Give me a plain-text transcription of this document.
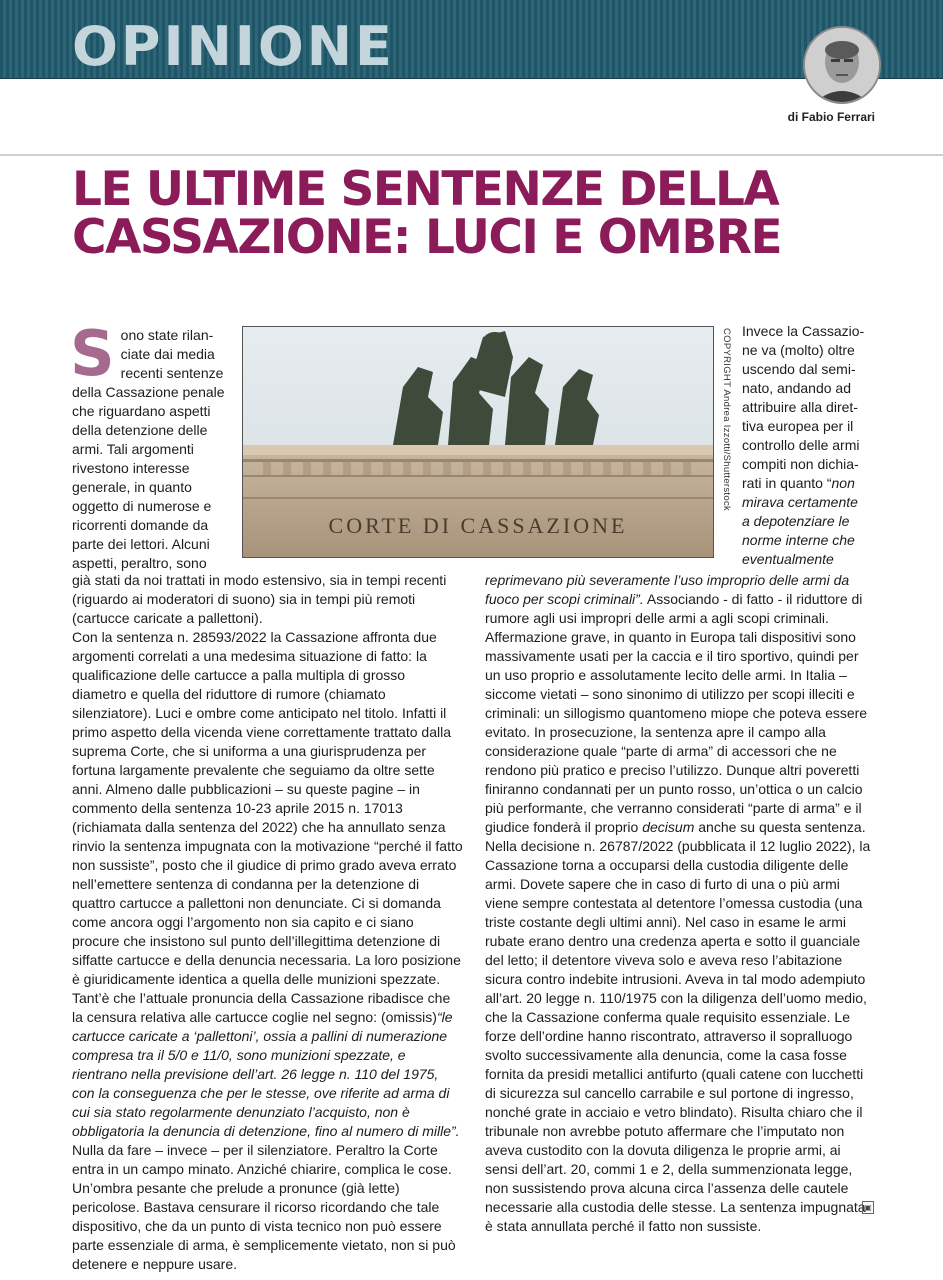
OPINIONE
di Fabio Ferrari
LE ULTIME SENTENZE DELLA
CASSAZIONE: LUCI E OMBRE
S ono state rilan-
ciate dai media
recenti sentenze
della Cassazione penale
che riguardano aspetti
della detenzione delle
armi. Tali argomenti
rivestono interesse
generale, in quanto
oggetto di numerose e
ricorrenti domande da
parte dei lettori. Alcuni
aspetti, peraltro, sono
CORTE DI CASSAZIONE
COPYRIGHT Andrea Izzotti/Shutterstock
già stati da noi trattati in modo estensivo, sia in tempi recenti (riguardo ai moderatori di suono) sia in tempi più remoti (cartucce caricate a pallettoni).
Con la sentenza n. 28593/2022 la Cassazione affronta due argomenti correlati a una medesima situazione di fatto: la qualificazione delle cartucce a palla multipla di grosso diametro e quella del riduttore di rumore (chiamato silenziatore). Luci e ombre come anticipato nel titolo. Infatti il primo aspetto della vicenda viene correttamente trattato dalla suprema Corte, che si uniforma a una giurisprudenza per fortuna largamente prevalente che seguiamo da oltre sette anni. Almeno dalle pubblicazioni – su queste pagine – in commento della sentenza 10-23 aprile 2015 n. 17013 (richiamata dalla sentenza del 2022) che ha annullato senza rinvio la sentenza impugnata con la motivazione “perché il fatto non sussiste”, posto che il giudice di primo grado aveva errato nell’emettere sentenza di condanna per la detenzione di quattro cartucce a pallettoni non denunciate. Ci si domanda come ancora oggi l’argomento non sia capito e ci siano procure che insistono sul punto dell’illegittima detenzione di siffatte cartucce e della denuncia necessaria. La loro posizione è giuridicamente identica a quella delle munizioni spezzate. Tant’è che l’attuale pronuncia della Cassazione ribadisce che la censura relativa alle cartucce coglie nel segno: (omissis)“le cartucce caricate a ‘pallettoni’, ossia a pallini di numerazione compresa tra il 5/0 e 11/0, sono munizioni spezzate, e rientrano nella previsione dell’art. 26 legge n. 110 del 1975, con la conseguenza che per le stesse, ove riferite ad arma di cui sia stato regolarmente denunziato l’acquisto, non è obbligatoria la denuncia di detenzione, fino al numero di mille”.
Nulla da fare – invece – per il silenziatore. Peraltro la Corte entra in un campo minato. Anziché chiarire, complica le cose. Un’ombra pesante che prelude a pronunce (già lette) pericolose. Bastava censurare il ricorso ricordando che tale dispositivo, che da un punto di vista tecnico non può essere parte essenziale di arma, è semplicemente vietato, non si può detenere e neppure usare.
Invece la Cassazio-
ne va (molto) oltre
uscendo dal semi-
nato, andando ad
attribuire alla diret-
tiva europea per il
controllo delle armi
compiti non dichia-
rati in quanto “non
mirava certamente
a depotenziare le
norme interne che
eventualmente
reprimevano più severamente l’uso improprio delle armi da fuoco per scopi criminali”. Associando - di fatto - il riduttore di rumore agli usi impropri delle armi a agli scopi criminali. Affermazione grave, in quanto in Europa tali dispositivi sono massivamente usati per la caccia e il tiro sportivo, quindi per un uso proprio e assolutamente lecito delle armi. In Italia – siccome vietati – sono sinonimo di utilizzo per scopi illeciti e criminali: un sillogismo quantomeno miope che poteva essere evitato. In prosecuzione, la sentenza apre il campo alla considerazione quale “parte di arma” di accessori che ne rendono più pratico e preciso l’utilizzo. Dunque altri poveretti finiranno condannati per un punto rosso, un’ottica o un calcio più performante, che verranno considerati “parte di arma” e il giudice fonderà il proprio decisum anche su questa sentenza.
Nella decisione n. 26787/2022 (pubblicata il 12 luglio 2022), la Cassazione torna a occuparsi della custodia diligente delle armi. Dovete sapere che in caso di furto di una o più armi viene sempre contestata al detentore l’omessa custodia (una triste costante degli ultimi anni). Nel caso in esame le armi rubate erano dentro una credenza aperta e sotto il guanciale del letto; il detentore viveva solo e aveva reso l’abitazione sicura contro indebite intrusioni. Aveva in tal modo adempiuto all’art. 20 legge n. 110/1975 con la diligenza dell’uomo medio, che la Cassazione conferma quale requisito essenziale. Le forze dell’ordine hanno riscontrato, attraverso il sopralluogo svolto successivamente alla denuncia, come la casa fosse fornita da presidi metallici antifurto (quali catene con lucchetti di sicurezza sul cancello carrabile e sul portone di ingresso, nonché grate in acciaio e vetro blindato). Risulta chiaro che il tribunale non avrebbe potuto affermare che l’imputato non aveva custodito con la dovuta diligenza le proprie armi, ai sensi dell’art. 20, commi 1 e 2, della summenzionata legge, non sussistendo prova alcuna circa l’assenza delle cautele necessarie alla custodia delle stesse. La sentenza impugnata è stata annullata perché il fatto non sussiste.
▣
